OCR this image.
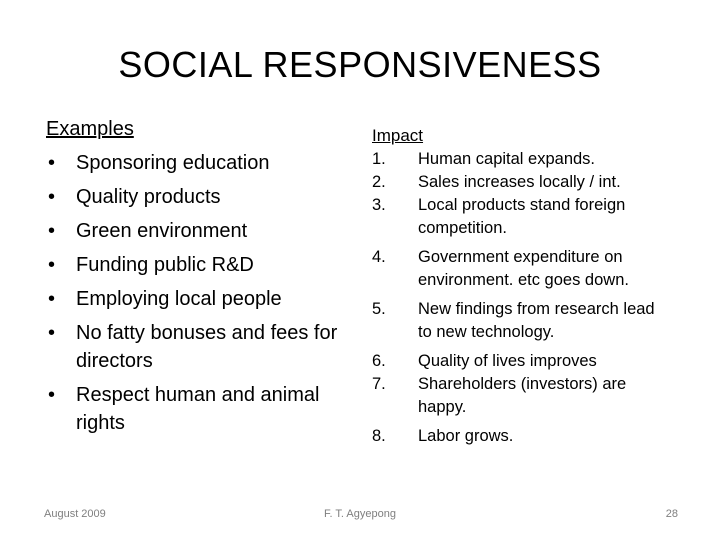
SOCIAL RESPONSIVENESS
Examples
• Sponsoring education
• Quality products
• Green environment
• Funding public R&D
• Employing local people
• No fatty bonuses and fees for directors
• Respect human and animal rights
Impact
1. Human capital expands.
2. Sales increases locally / int.
3. Local products stand foreign competition.
4. Government expenditure on environment. etc goes down.
5. New findings from research lead to new technology.
6. Quality of lives improves
7. Shareholders (investors) are happy.
8. Labor grows.
August 2009	F. T. Agyepong	28
